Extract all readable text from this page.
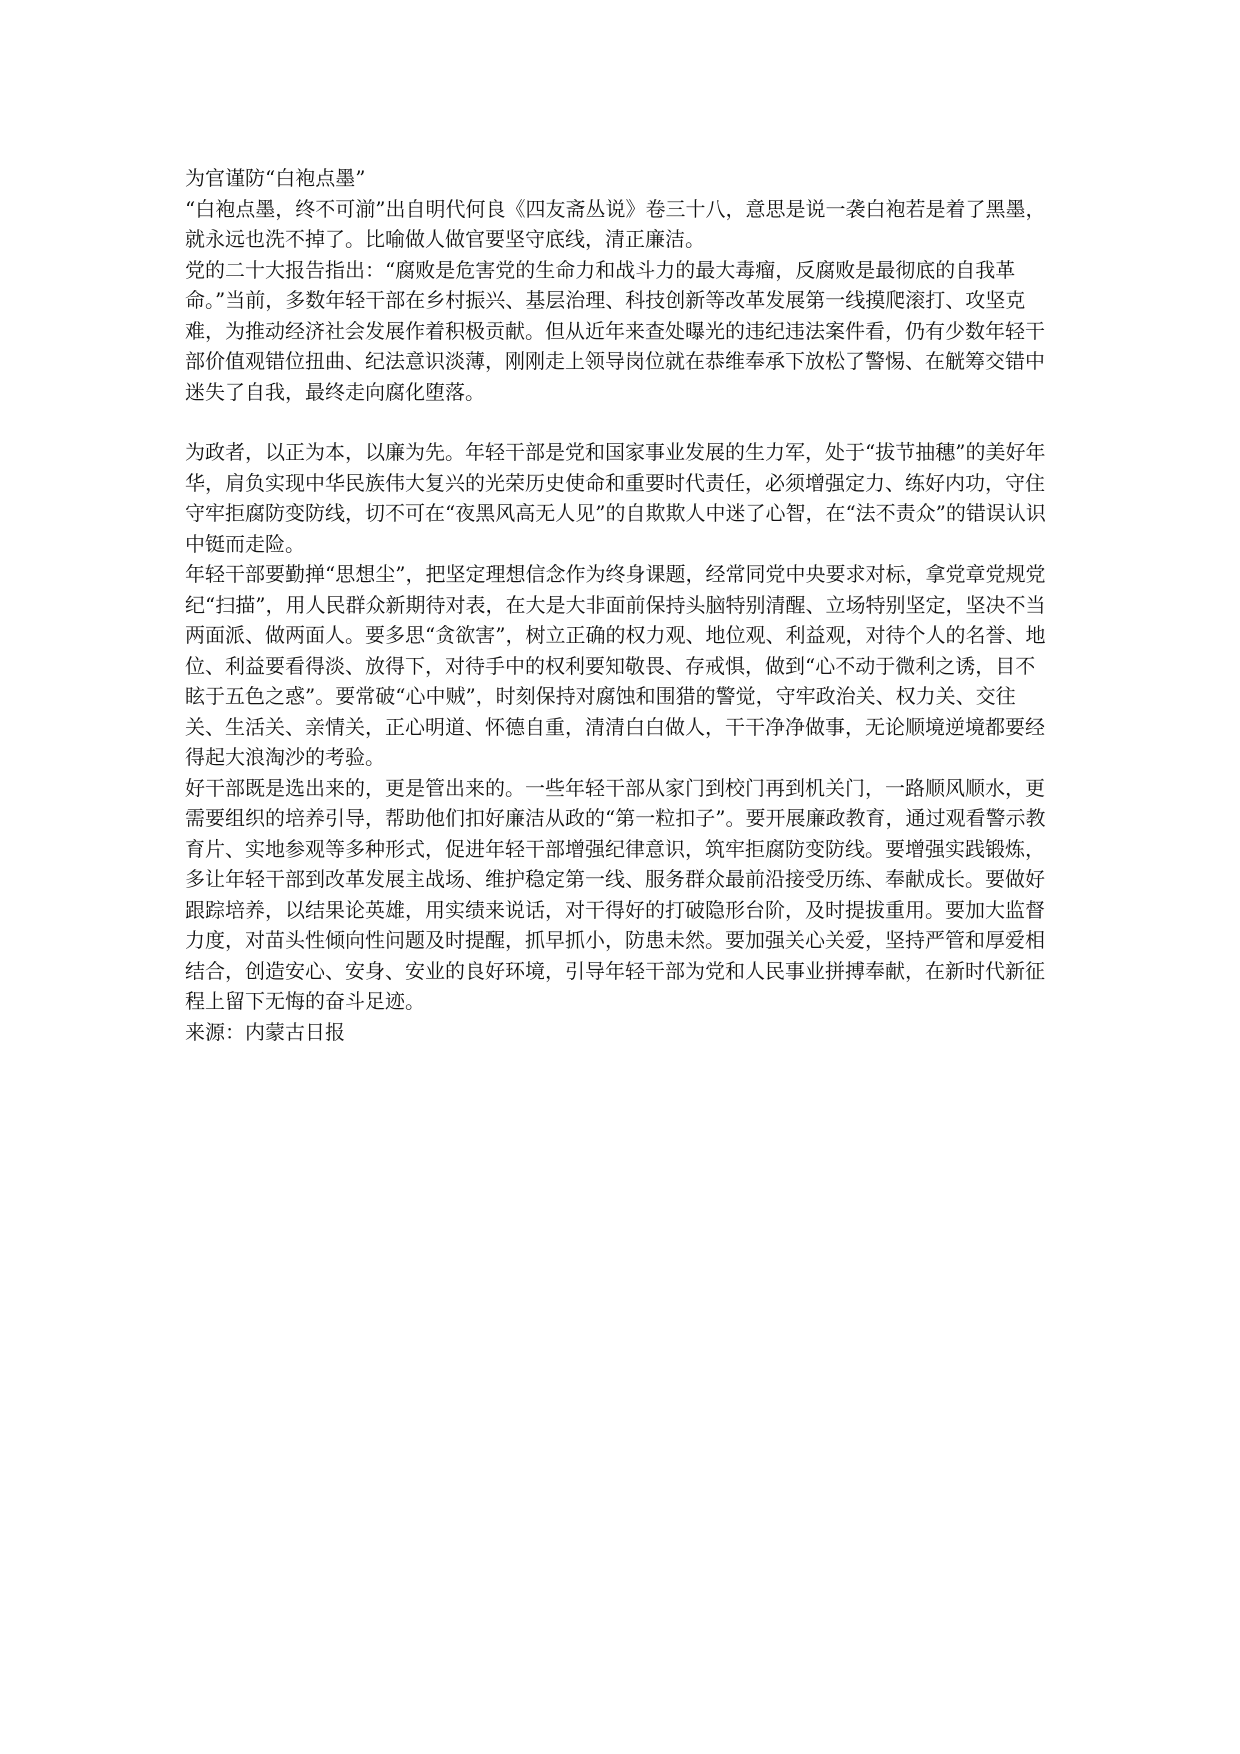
为官谨防“白袍点墨”

“白袍点墨，终不可湔”出自明代何良《四友斋丛说》卷三十八，意思是说一袭白袍若是着了黑墨，就永远也洗不掉了。比喻做人做官要坚守底线，清正廉洁。

党的二十大报告指出：“腐败是危害党的生命力和战斗力的最大毒瘤，反腐败是最彻底的自我革命。”当前，多数年轻干部在乡村振兴、基层治理、科技创新等改革发展第一线摸爬滚打、攻坚克难，为推动经济社会发展作着积极贡献。但从近年来查处曝光的违纪违法案件看，仍有少数年轻干部价值观错位扭曲、纪法意识淡薄，刚刚走上领导岗位就在恭维奉承下放松了警惕、在觥筹交错中迷失了自我，最终走向腐化堕落。

为政者，以正为本，以廉为先。年轻干部是党和国家事业发展的生力军，处于“拔节抽穗”的美好年华，肩负实现中华民族伟大复兴的光荣历史使命和重要时代责任，必须增强定力、练好内功，守住守牢拒腐防变防线，切不可在“夜黑风高无人见”的自欺欺人中迷了心智，在“法不责众”的错误认识中铤而走险。

年轻干部要勤掸“思想尘”，把坚定理想信念作为终身课题，经常同党中央要求对标，拿党章党规党纪“扫描”，用人民群众新期待对表，在大是大非面前保持头脑特别清醒、立场特别坚定，坚决不当两面派、做两面人。要多思“贪欲害”，树立正确的权力观、地位观、利益观，对待个人的名誉、地位、利益要看得淡、放得下，对待手中的权利要知敬畏、存戒惧，做到“心不动于微利之诱，目不眩于五色之惑”。要常破“心中贼”，时刻保持对腐蚀和围猎的警觉，守牢政治关、权力关、交往关、生活关、亲情关，正心明道、怀德自重，清清白白做人，干干净净做事，无论顺境逆境都要经得起大浪淘沙的考验。

好干部既是选出来的，更是管出来的。一些年轻干部从家门到校门再到机关门，一路顺风顺水，更需要组织的培养引导，帮助他们扣好廉洁从政的“第一粒扣子”。要开展廉政教育，通过观看警示教育片、实地参观等多种形式，促进年轻干部增强纪律意识，筑牢拒腐防变防线。要增强实践锻炼，多让年轻干部到改革发展主战场、维护稳定第一线、服务群众最前沿接受历练、奉献成长。要做好跟踪培养，以结果论英雄，用实绩来说话，对干得好的打破隐形台阶，及时提拔重用。要加大监督力度，对苗头性倾向性问题及时提醒，抓早抓小，防患未然。要加强关心关爱，坚持严管和厚爱相结合，创造安心、安身、安业的良好环境，引导年轻干部为党和人民事业拼搏奉献，在新时代新征程上留下无悔的奋斗足迹。

来源：内蒙古日报
